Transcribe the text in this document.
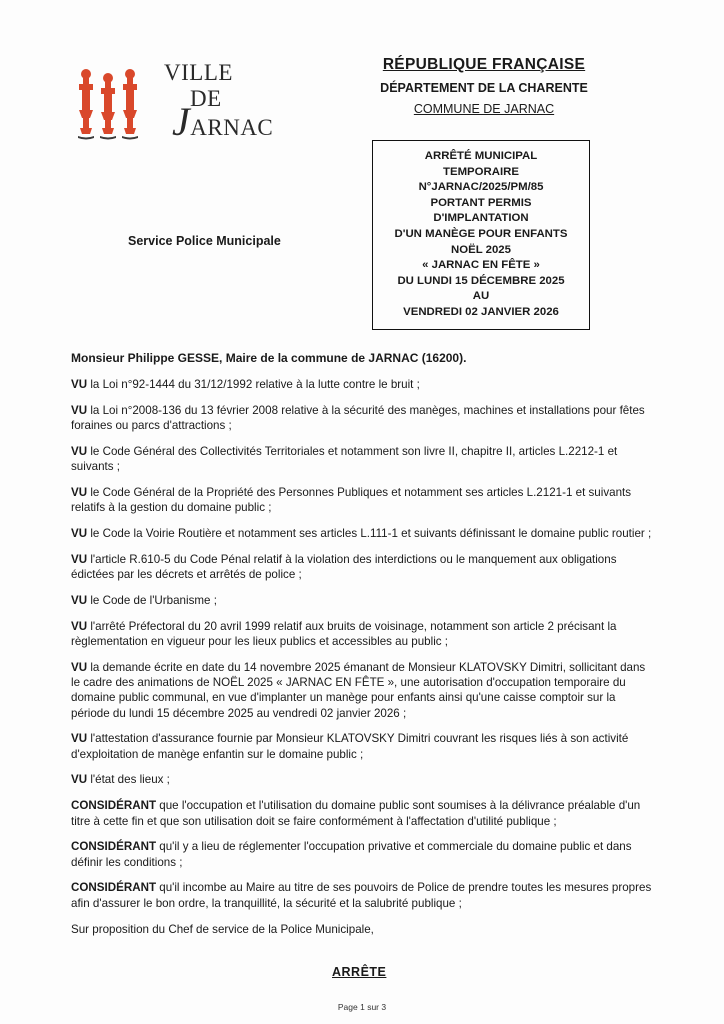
VILLE
DE
JARNAC
Service Police Municipale
RÉPUBLIQUE FRANÇAISE
DÉPARTEMENT DE LA CHARENTE
COMMUNE DE JARNAC
ARRÊTÉ MUNICIPAL
TEMPORAIRE
N°JARNAC/2025/PM/85
PORTANT PERMIS
D'IMPLANTATION
D'UN MANÈGE POUR ENFANTS
NOËL 2025
« JARNAC EN FÊTE »
DU LUNDI 15 DÉCEMBRE 2025
AU
VENDREDI 02 JANVIER 2026

Monsieur Philippe GESSE, Maire de la commune de JARNAC (16200).

VU la Loi n°92-1444 du 31/12/1992 relative à la lutte contre le bruit ;

VU la Loi n°2008-136 du 13 février 2008 relative à la sécurité des manèges, machines et installations pour fêtes foraines ou parcs d'attractions ;

VU le Code Général des Collectivités Territoriales et notamment son livre II, chapitre II, articles L.2212-1 et suivants ;

VU le Code Général de la Propriété des Personnes Publiques et notamment ses articles L.2121-1 et suivants relatifs à la gestion du domaine public ;

VU le Code la Voirie Routière et notamment ses articles L.111-1 et suivants définissant le domaine public routier ;

VU l'article R.610-5 du Code Pénal relatif à la violation des interdictions ou le manquement aux obligations édictées par les décrets et arrêtés de police ;

VU le Code de l'Urbanisme ;

VU l'arrêté Préfectoral du 20 avril 1999 relatif aux bruits de voisinage, notamment son article 2 précisant la règlementation en vigueur pour les lieux publics et accessibles au public ;

VU la demande écrite en date du 14 novembre 2025 émanant de Monsieur KLATOVSKY Dimitri, sollicitant dans le cadre des animations de NOËL 2025 « JARNAC EN FÊTE », une autorisation d'occupation temporaire du domaine public communal, en vue d'implanter un manège pour enfants ainsi qu'une caisse comptoir sur la période du lundi 15 décembre 2025 au vendredi 02 janvier 2026 ;

VU l'attestation d'assurance fournie par Monsieur KLATOVSKY Dimitri couvrant les risques liés à son activité d'exploitation de manège enfantin sur le domaine public ;

VU l'état des lieux ;

CONSIDÉRANT que l'occupation et l'utilisation du domaine public sont soumises à la délivrance préalable d'un titre à cette fin et que son utilisation doit se faire conformément à l'affectation d'utilité publique ;

CONSIDÉRANT qu'il y a lieu de réglementer l'occupation privative et commerciale du domaine public et dans définir les conditions ;

CONSIDÉRANT qu'il incombe au Maire au titre de ses pouvoirs de Police de prendre toutes les mesures propres afin d'assurer le bon ordre, la tranquillité, la sécurité et la salubrité publique ;

Sur proposition du Chef de service de la Police Municipale,

ARRÊTE
Page 1 sur 3
